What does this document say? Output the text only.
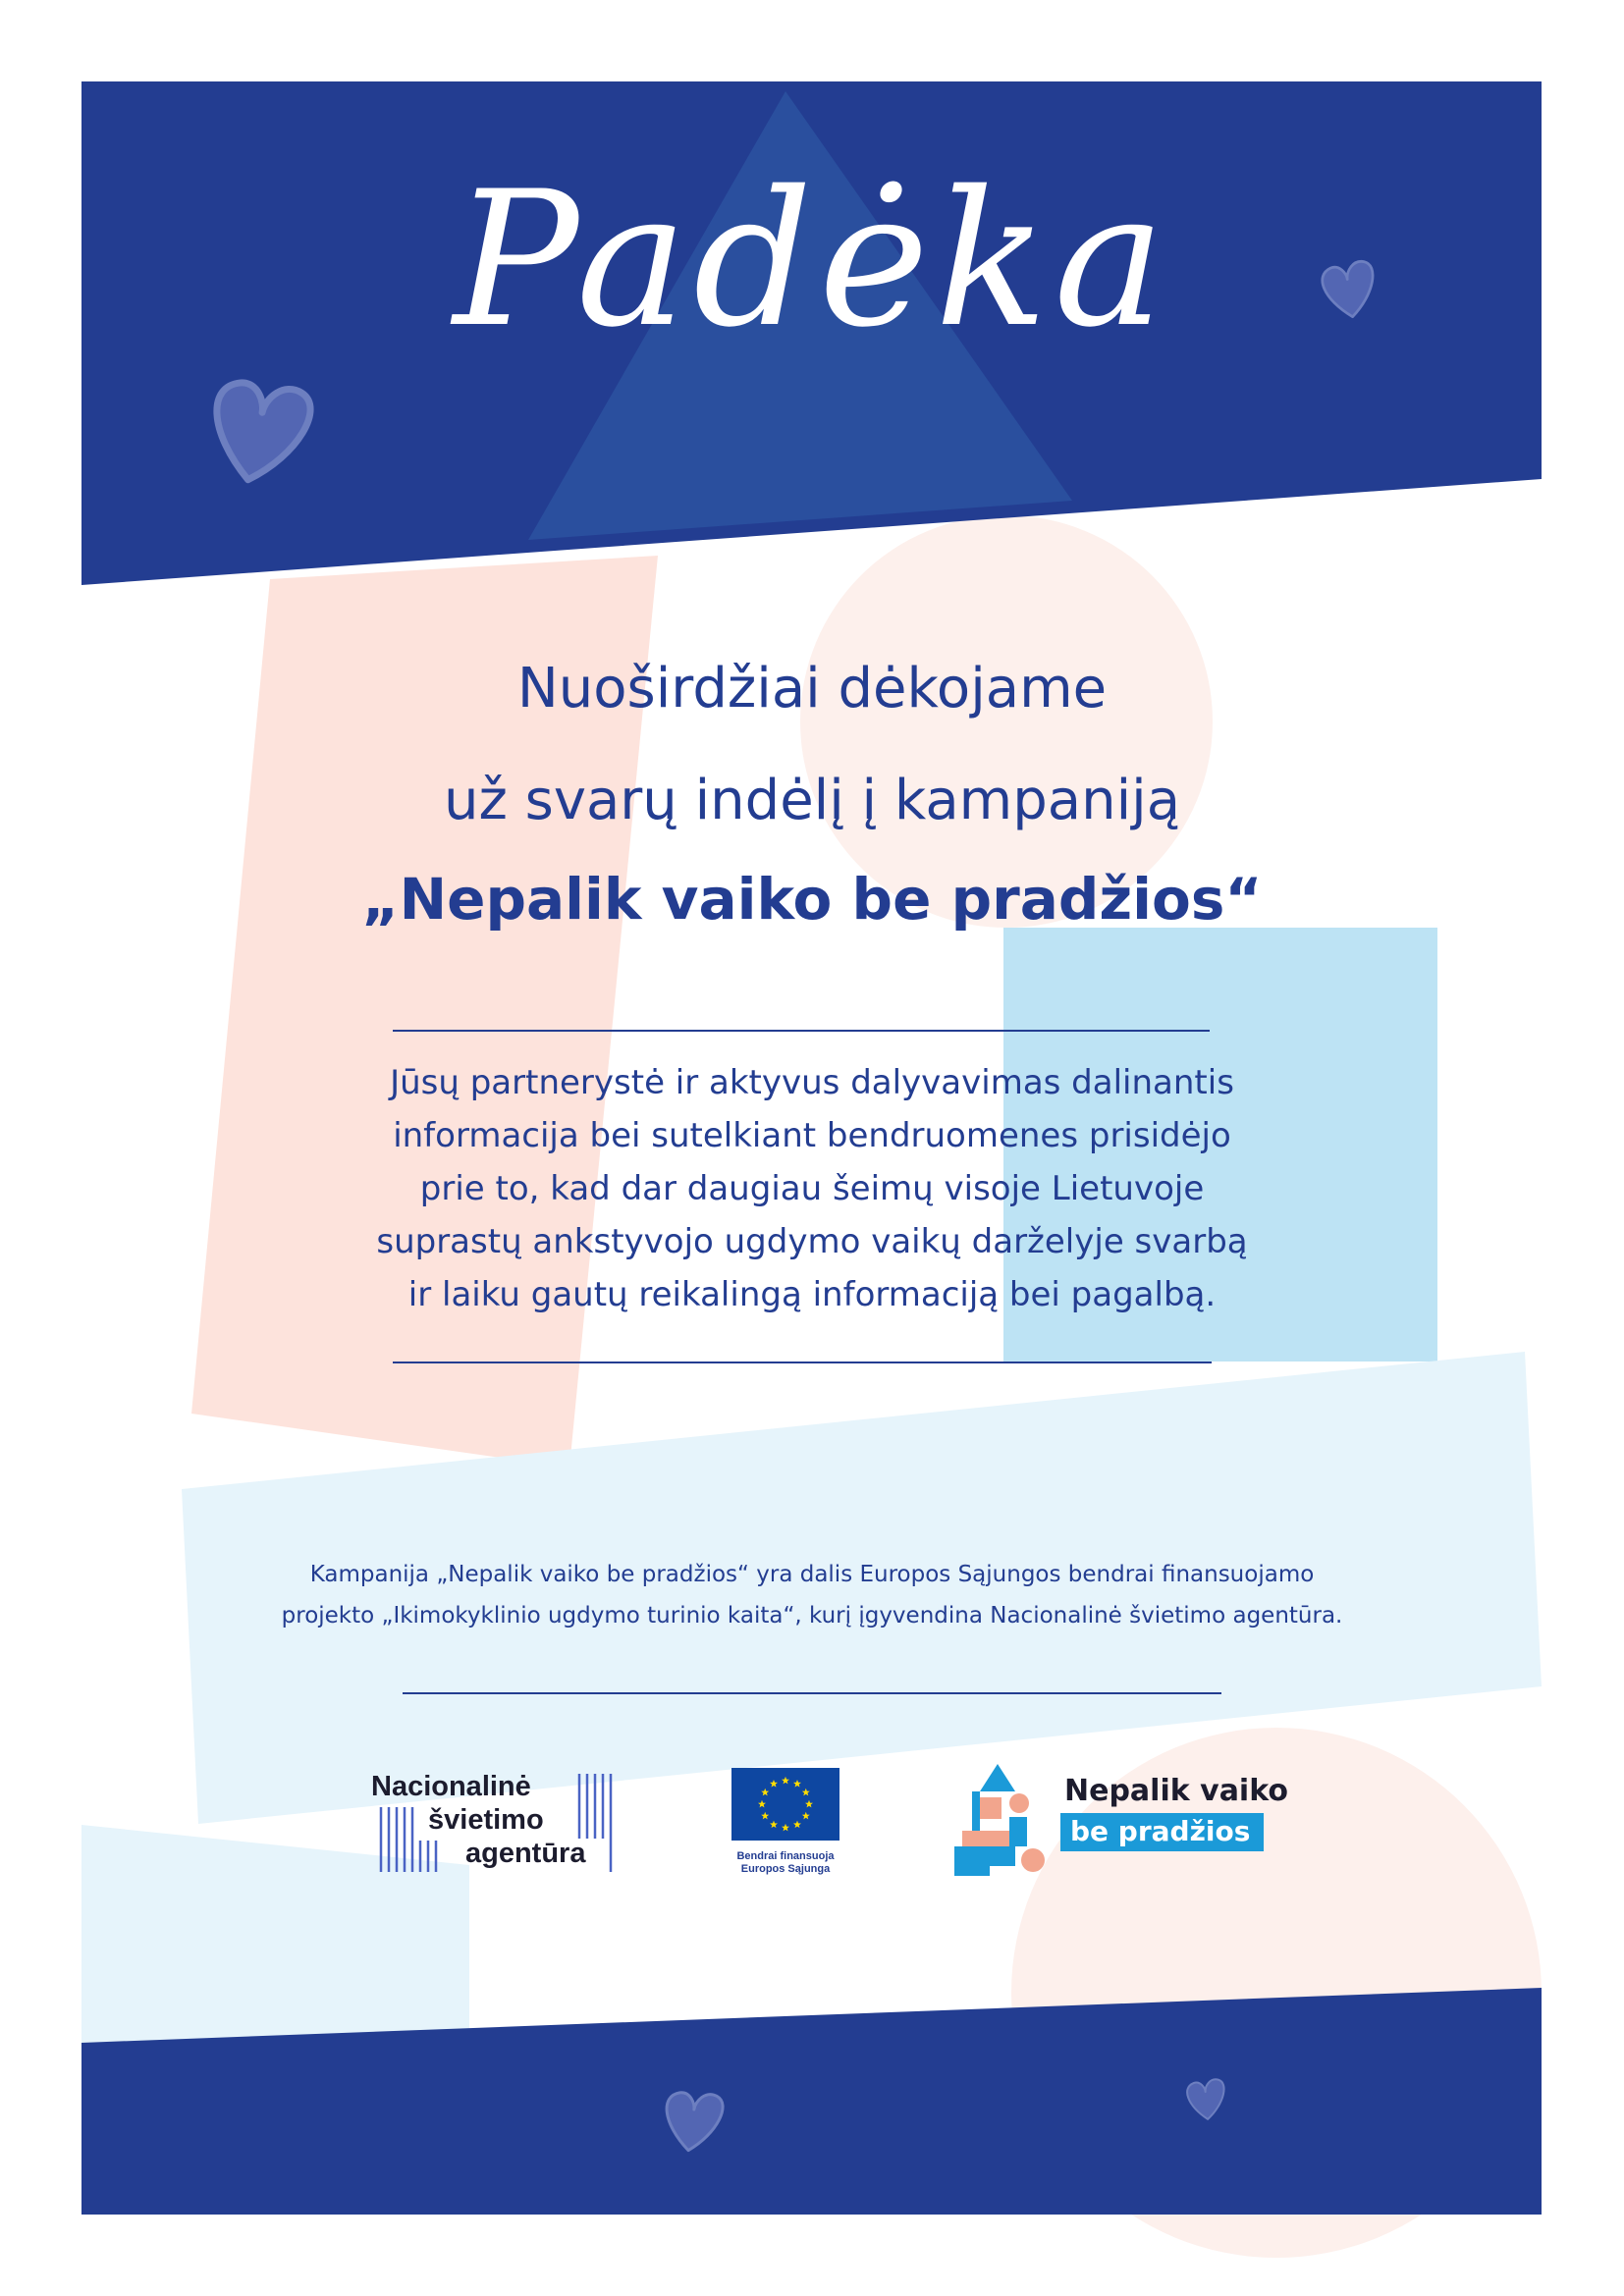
Padėka
Nuoširdžiai dėkojame
už svarų indėlį į kampaniją
„Nepalik vaiko be pradžios“
Jūsų partnerystė ir aktyvus dalyvavimas dalinantis
informacija bei sutelkiant bendruomenes prisidėjo
prie to, kad dar daugiau šeimų visoje Lietuvoje
suprastų ankstyvojo ugdymo vaikų darželyje svarbą
ir laiku gautų reikalingą informaciją bei pagalbą.
Kampanija „Nepalik vaiko be pradžios“ yra dalis Europos Sąjungos bendrai finansuojamo
projekto „Ikimokyklinio ugdymo turinio kaita“, kurį įgyvendina Nacionalinė švietimo agentūra.
Nacionalinė
švietimo
agentūra	Bendrai finansuoja
Europos Sąjunga
Nepalik vaiko
be pradžios
